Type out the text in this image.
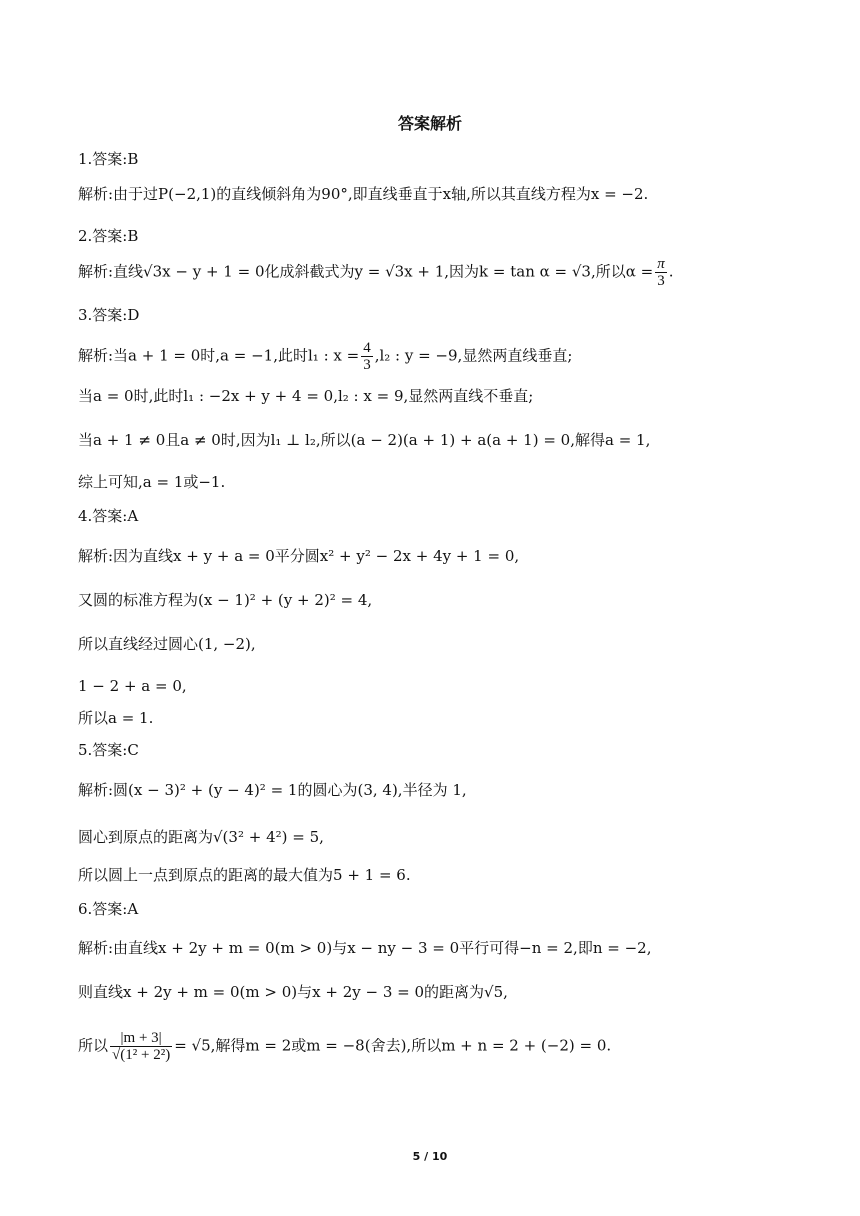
答案解析
1.答案:B
解析:由于过P(−2,1)的直线倾斜角为90°,即直线垂直于x轴,所以其直线方程为x = −2.
2.答案:B
解析:直线√3x − y + 1 = 0化成斜截式为y = √3x + 1,因为k = tan α = √3,所以$\alpha = \frac{\pi}{3}$ .
3.答案:D
解析:当a + 1 = 0时,a = −1,此时l₁ : $x = \frac{4}{3} ,l_2$ : y = −9,显然两直线垂直;
当a = 0时,此时l₁ : −2x + y + 4 = 0,l₂ : x = 9,显然两直线不垂直;
当a + 1 ≠ 0且a ≠ 0时,因为l₁ ⊥ l₂,所以(a − 2)(a + 1) + a(a + 1) = 0,解得a = 1,
综上可知,a = 1或−1.
4.答案:A
解析:因为直线x + y + a = 0平分圆x² + y² − 2x + 4y + 1 = 0,
又圆的标准方程为(x − 1)² + (y + 2)² = 4,
所以直线经过圆心(1, −2),
1 − 2 + a = 0,
所以a = 1.
5.答案:C
解析:圆(x − 3)² + (y − 4)² = 1的圆心为(3, 4),半径为 1,
圆心到原点的距离为√(3² + 4²) = 5,
所以圆上一点到原点的距离的最大值为5 + 1 = 6.
6.答案:A
解析:由直线x + 2y + m = 0(m > 0)与x − ny − 3 = 0平行可得−n = 2,即n = −2,
则直线x + 2y + m = 0(m > 0)与x + 2y − 3 = 0的距离为√5,
所以 $\frac{|m + 3|}{\text{√(1² + 2²)}} = √5$,解得m = 2或m = −8(舍去),所以m + n = 2 + (−2) = 0.
5 / 10
